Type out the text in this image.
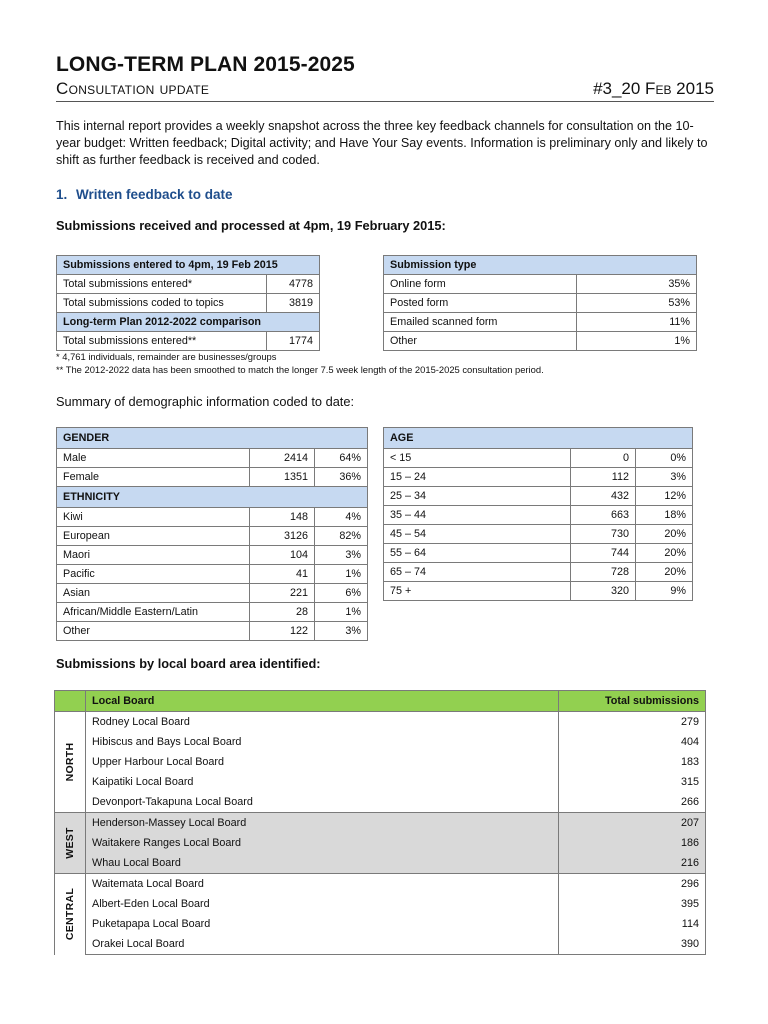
LONG-TERM PLAN 2015-2025
Consultation update	#3_20 Feb 2015

This internal report provides a weekly snapshot across the three key feedback channels for consultation on the 10-year budget: Written feedback; Digital activity; and Have Your Say events. Information is preliminary only and likely to shift as further feedback is received and coded.

1. Written feedback to date
Submissions received and processed at 4pm, 19 February 2015:
Submissions entered to 4pm, 19 Feb 2015	
Total submissions entered*	4778
Total submissions coded to topics	3819
Long-term Plan 2012-2022 comparison	
Total submissions entered**	1774
Submission type	
Online form	35%
Posted form	53%
Emailed scanned form	11%
Other	1%
* 4,761 individuals, remainder are businesses/groups
** The 2012-2022 data has been smoothed to match the longer 7.5 week length of the 2015-2025 consultation period.
Summary of demographic information coded to date:
GENDER		
Male	2414	64%
Female	1351	36%
ETHNICITY		
Kiwi	148	4%
European	3126	82%
Maori	104	3%
Pacific	41	1%
Asian	221	6%
African/Middle Eastern/Latin	28	1%
Other	122	3%
AGE		
< 15	0	0%
15 – 24	112	3%
25 – 34	432	12%
35 – 44	663	18%
45 – 54	730	20%
55 – 64	744	20%
65 – 74	728	20%
75 +	320	9%
Submissions by local board area identified:
	Local Board	Total submissions

NORTH	Rodney Local Board	279
	Hibiscus and Bays Local Board	404
	Upper Harbour Local Board	183
	Kaipatiki Local Board	315
	Devonport-Takapuna Local Board	266

WEST	Henderson-Massey Local Board	207
	Waitakere Ranges Local Board	186
	Whau Local Board	216

CENTRAL	Waitemata Local Board	296
	Albert-Eden Local Board	395
	Puketapapa Local Board	114
	Orakei Local Board	390
